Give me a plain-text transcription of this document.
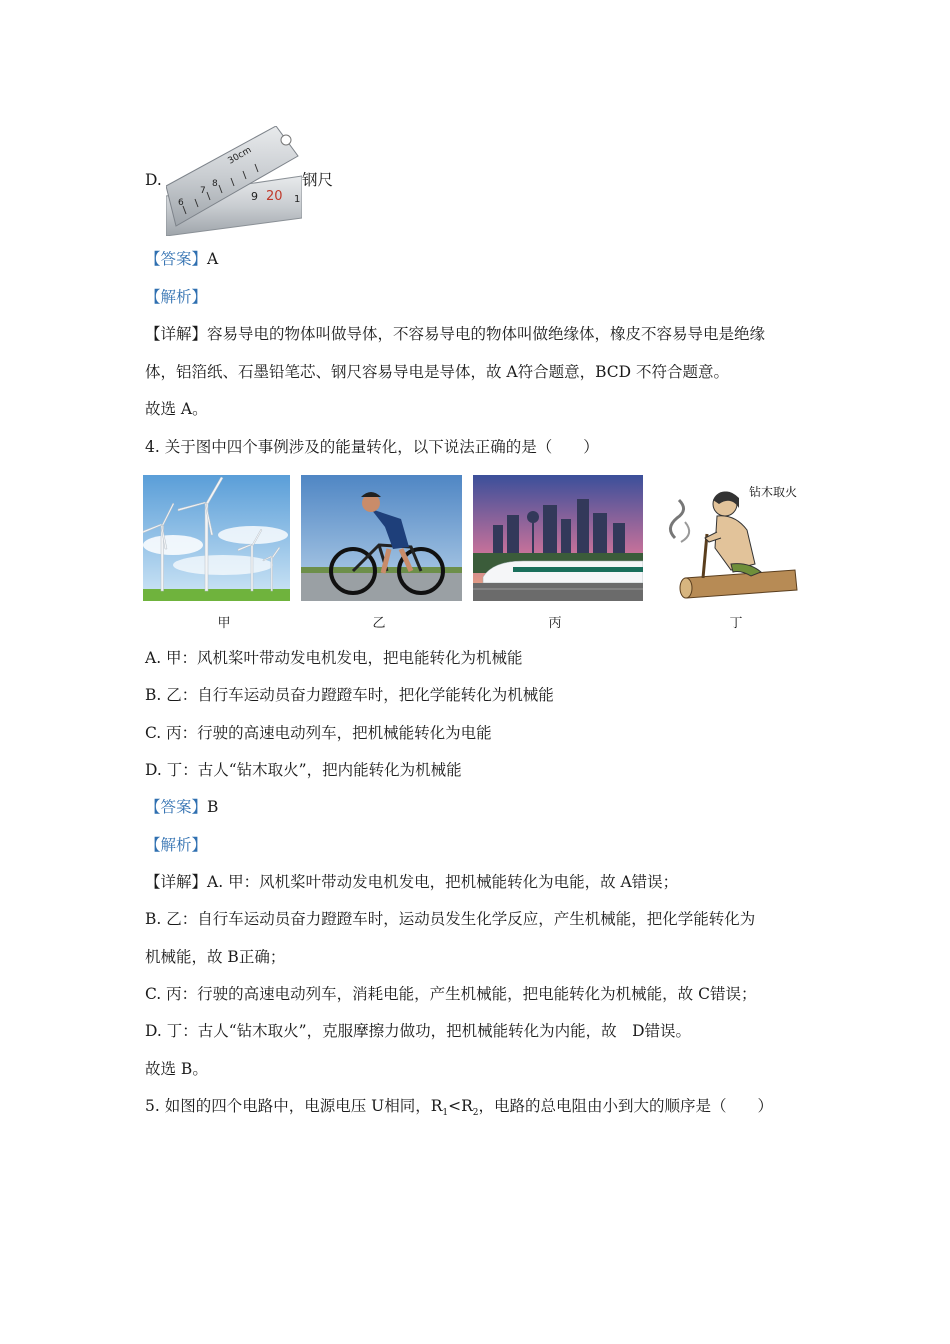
D.
30cm
20
9
8
7
6	1
钢尺
【答案】A
【解析】
【详解】容易导电的物体叫做导体，不容易导电的物体叫做绝缘体，橡皮不容易导电是绝缘
体，铝箔纸、石墨铅笔芯、钢尺容易导电是导体，故 A符合题意，BCD 不符合题意。
故选 A。
4. 关于图中四个事例涉及的能量转化，以下说法正确的是（　　）
钻木取火
甲	乙	丙	丁
A. 甲：风机桨叶带动发电机发电，把电能转化为机械能
B. 乙：自行车运动员奋力蹬蹬车时，把化学能转化为机械能
C. 丙：行驶的高速电动列车，把机械能转化为电能
D. 丁：古人“钻木取火”，把内能转化为机械能
【答案】B
【解析】
【详解】A. 甲：风机桨叶带动发电机发电，把机械能转化为电能，故 A错误；
B. 乙：自行车运动员奋力蹬蹬车时，运动员发生化学反应，产生机械能，把化学能转化为
机械能，故 B正确；
C. 丙：行驶的高速电动列车，消耗电能，产生机械能，把电能转化为机械能，故 C错误；
D. 丁：古人“钻木取火”，克服摩擦力做功，把机械能转化为内能，故　D错误。
故选 B。
5. 如图的四个电路中，电源电压 U相同，$R_1<R_2$，电路的总电阻由小到大的顺序是（　　）
